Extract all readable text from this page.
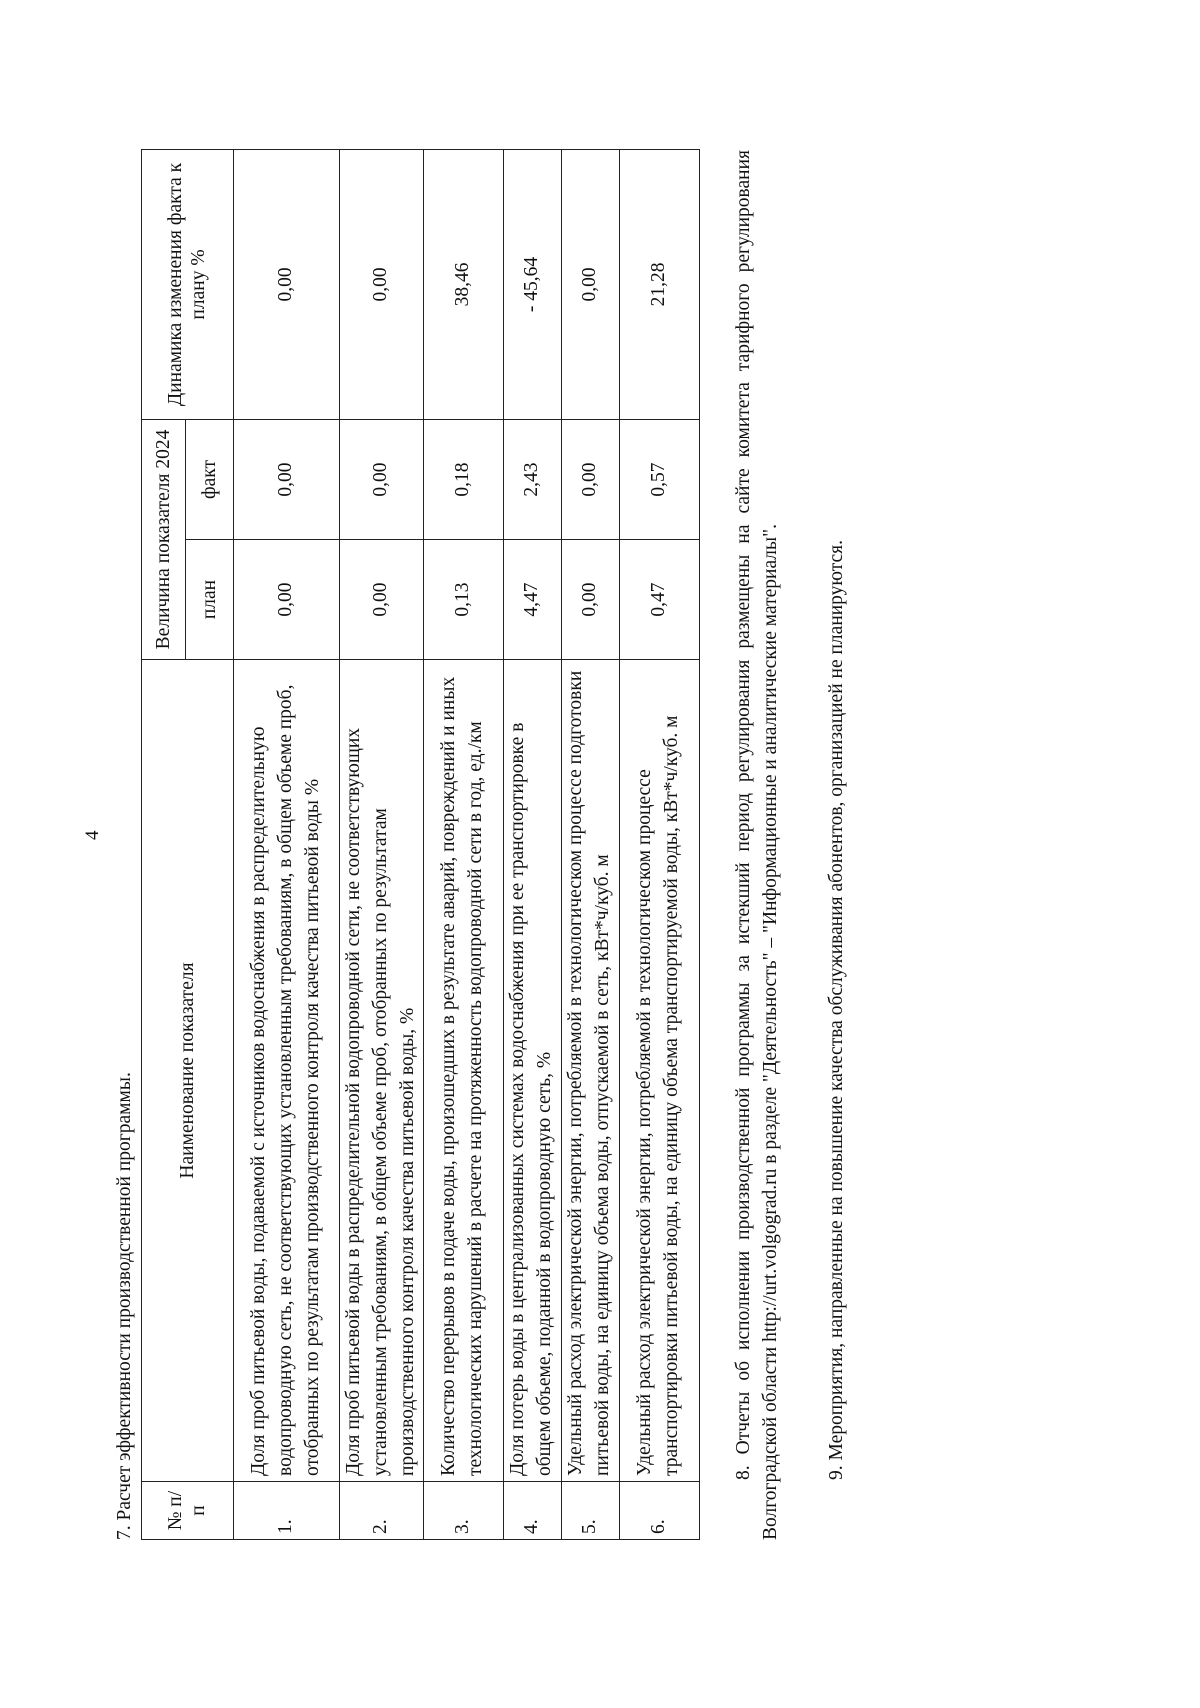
4
7. Расчет эффективности производственной программы. № п/п	Наименование показателя	Величина показателя 2024		Динамика изменения факта к плану %
		план	факт	
1.	Доля проб питьевой воды, подаваемой с источников водоснабжения в распределительную водопроводную сеть, не соответствующих установленным требованиям, в общем объеме проб, отобранных по результатам производственного контроля качества питьевой воды %	0,00	0,00	0,00
2.	Доля проб питьевой воды в распределительной водопроводной сети, не соответствующих установленным требованиям, в общем объеме проб, отобранных по результатам производственного контроля качества питьевой воды, %	0,00	0,00	0,00
3.	Количество перерывов в подаче воды, произошедших в результате аварий, повреждений и иных технологических нарушений в расчете на протяженность водопроводной сети в год, ед./км	0,13	0,18	38,46
4.	Доля потерь воды в централизованных системах водоснабжения при ее транспортировке в общем объеме, поданной в водопроводную сеть, %	4,47	2,43	- 45,64
5.	Удельный расход электрической энергии, потребляемой в технологическом процессе подготовки питьевой воды, на единицу объема воды, отпускаемой в сеть, кВт*ч/куб. м	0,00	0,00	0,00
6.	Удельный расход электрической энергии, потребляемой в технологическом процессе транспортировки питьевой воды, на единицу объема транспортируемой воды, кВт*ч/куб. м	0,47	0,57	21,28	8. Отчеты об исполнении производственной программы за истекший период регулирования размещены на сайте комитета тарифного регулирования Волгоградской области http://urt.volgograd.ru в разделе "Деятельность" – "Информационные и аналитические материалы". 9. Мероприятия, направленные на повышение качества обслуживания абонентов, организацией не планируются.
